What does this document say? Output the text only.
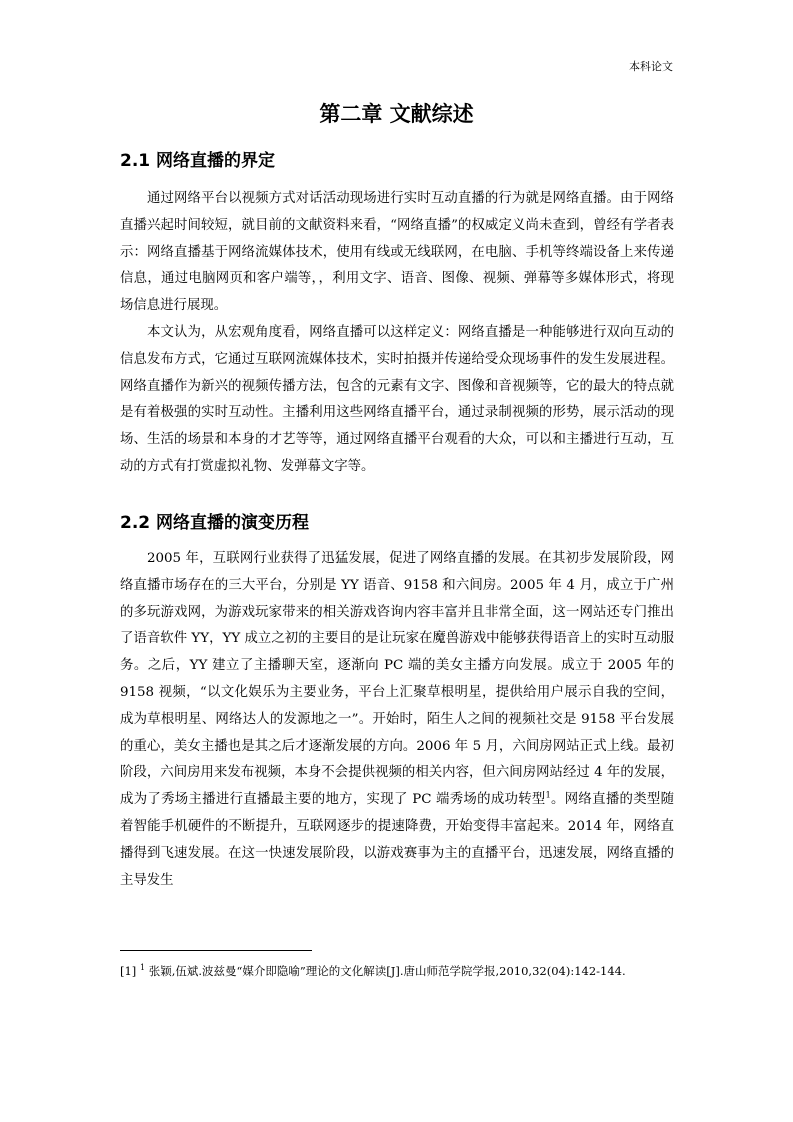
本科论文
第二章 文献综述
2.1 网络直播的界定

通过网络平台以视频方式对话活动现场进行实时互动直播的行为就是网络直播。由于网络直播兴起时间较短，就目前的文献资料来看，“网络直播”的权威定义尚未查到，曾经有学者表示：网络直播基于网络流媒体技术，使用有线或无线联网，在电脑、手机等终端设备上来传递信息，通过电脑网页和客户端等，，利用文字、语音、图像、视频、弹幕等多媒体形式，将现场信息进行展现。

本文认为，从宏观角度看，网络直播可以这样定义：网络直播是一种能够进行双向互动的信息发布方式，它通过互联网流媒体技术，实时拍摄并传递给受众现场事件的发生发展进程。网络直播作为新兴的视频传播方法，包含的元素有文字、图像和音视频等，它的最大的特点就是有着极强的实时互动性。主播利用这些网络直播平台，通过录制视频的形势，展示活动的现场、生活的场景和本身的才艺等等，通过网络直播平台观看的大众，可以和主播进行互动，互动的方式有打赏虚拟礼物、发弹幕文字等。

2.2 网络直播的演变历程

2005 年，互联网行业获得了迅猛发展，促进了网络直播的发展。在其初步发展阶段，网络直播市场存在的三大平台，分别是 YY 语音、9158 和六间房。2005 年 4 月，成立于广州的多玩游戏网，为游戏玩家带来的相关游戏咨询内容丰富并且非常全面，这一网站还专门推出了语音软件 YY，YY 成立之初的主要目的是让玩家在魔兽游戏中能够获得语音上的实时互动服务。之后，YY 建立了主播聊天室，逐渐向 PC 端的美女主播方向发展。成立于 2005 年的 9158 视频，“以文化娱乐为主要业务，平台上汇聚草根明星，提供给用户展示自我的空间，成为草根明星、网络达人的发源地之一”。开始时，陌生人之间的视频社交是 9158 平台发展的重心，美女主播也是其之后才逐渐发展的方向。2006 年 5 月，六间房网站正式上线。最初阶段，六间房用来发布视频，本身不会提供视频的相关内容，但六间房网站经过 4 年的发展，成为了秀场主播进行直播最主要的地方，实现了 PC 端秀场的成功转型$^1$。网络直播的类型随着智能手机硬件的不断提升，互联网逐步的提速降费，开始变得丰富起来。2014 年，网络直播得到飞速发展。在这一快速发展阶段，以游戏赛事为主的直播平台，迅速发展，网络直播的主导发生

[1] $^1$ 张颖,伍斌.波兹曼“媒介即隐喻”理论的文化解读[J].唐山师范学院学报,2010,32(04):142-144.
